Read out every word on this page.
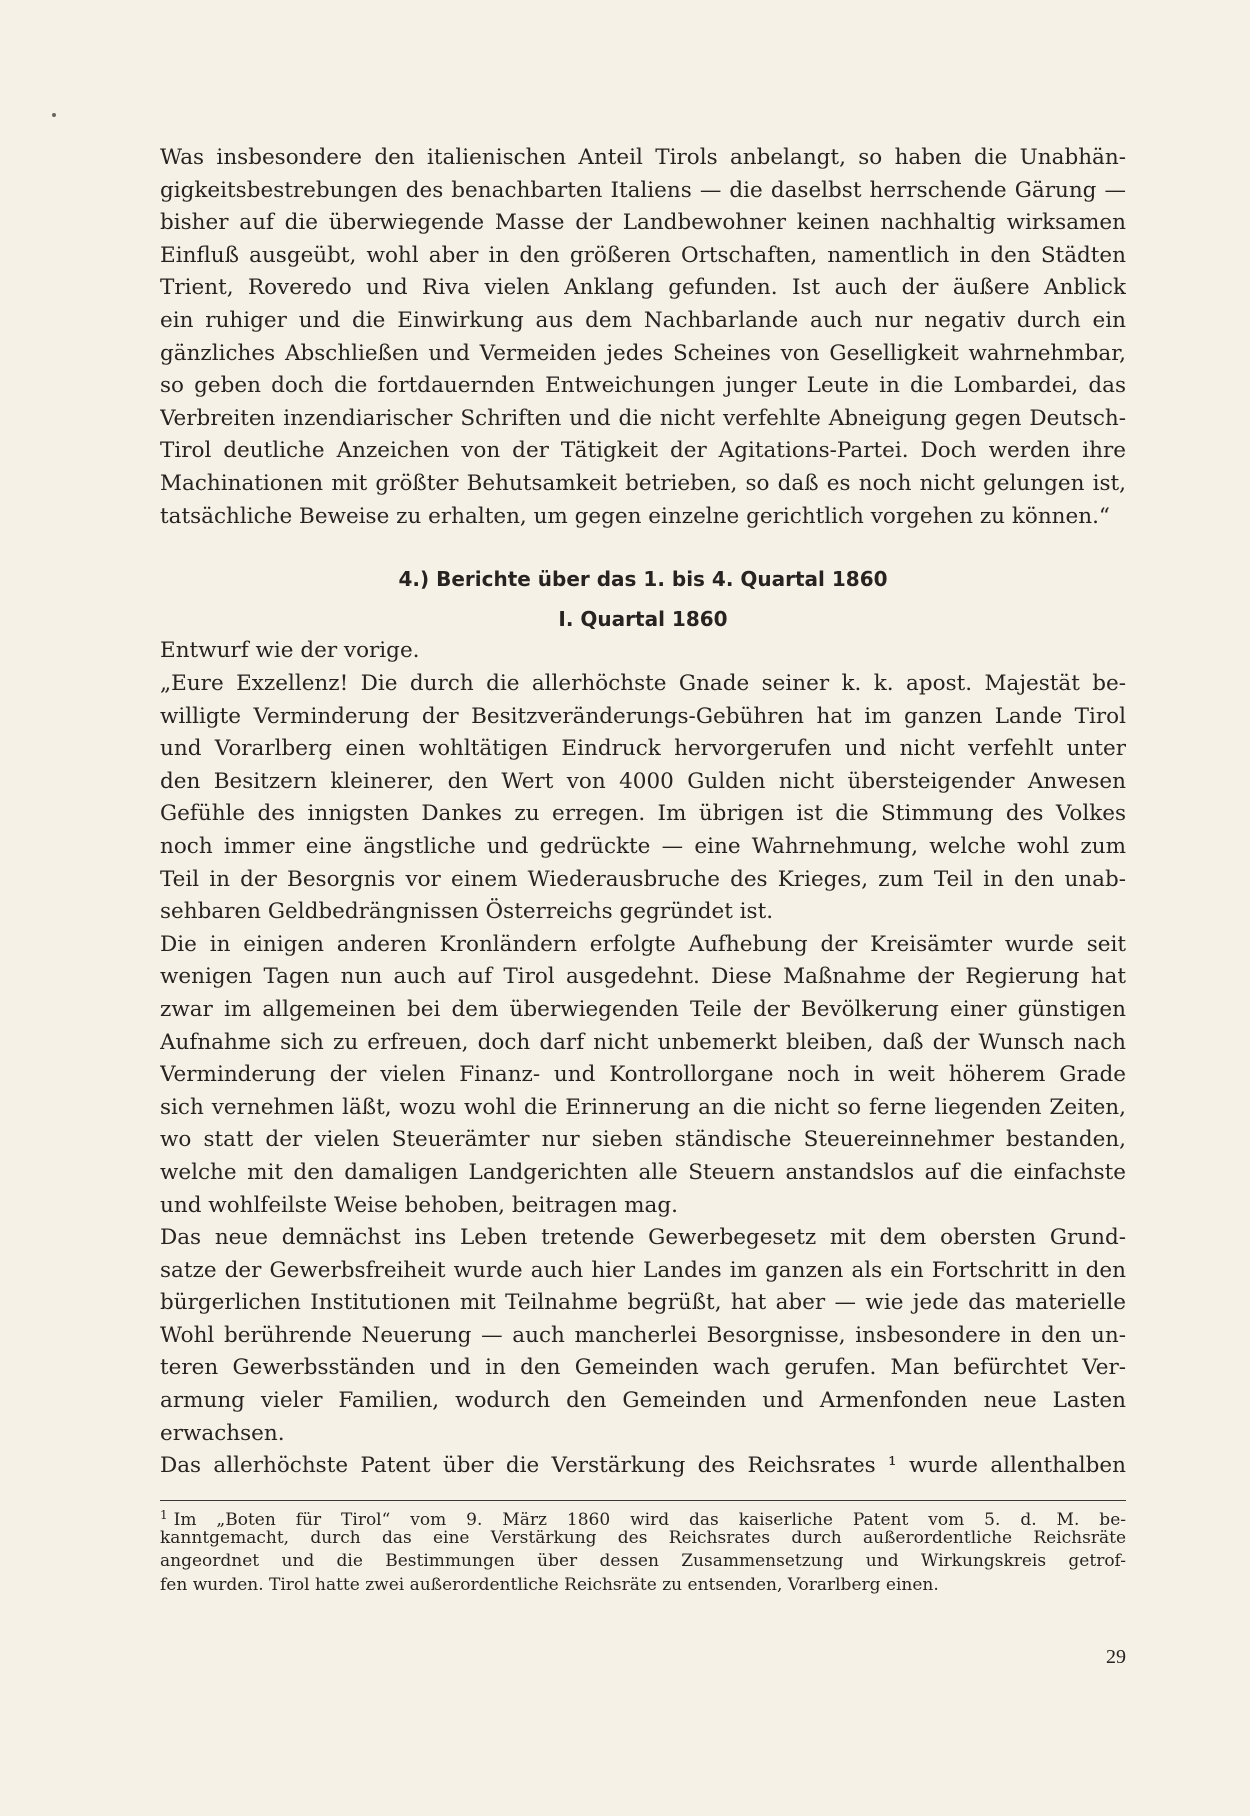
Was insbesondere den italienischen Anteil Tirols anbelangt, so haben die Unabhän-
gigkeitsbestrebungen des benachbarten Italiens — die daselbst herrschende Gärung —
bisher auf die überwiegende Masse der Landbewohner keinen nachhaltig wirksamen
Einfluß ausgeübt, wohl aber in den größeren Ortschaften, namentlich in den Städten
Trient, Roveredo und Riva vielen Anklang gefunden. Ist auch der äußere Anblick
ein ruhiger und die Einwirkung aus dem Nachbarlande auch nur negativ durch ein
gänzliches Abschließen und Vermeiden jedes Scheines von Geselligkeit wahrnehmbar,
so geben doch die fortdauernden Entweichungen junger Leute in die Lombardei, das
Verbreiten inzendiarischer Schriften und die nicht verfehlte Abneigung gegen Deutsch-
Tirol deutliche Anzeichen von der Tätigkeit der Agitations-Partei. Doch werden ihre
Machinationen mit größter Behutsamkeit betrieben, so daß es noch nicht gelungen ist,
tatsächliche Beweise zu erhalten, um gegen einzelne gerichtlich vorgehen zu können.“
4.) Berichte über das 1. bis 4. Quartal 1860
I. Quartal 1860
Entwurf wie der vorige.
„Eure Exzellenz! Die durch die allerhöchste Gnade seiner k. k. apost. Majestät be-
willigte Verminderung der Besitzveränderungs-Gebühren hat im ganzen Lande Tirol
und Vorarlberg einen wohltätigen Eindruck hervorgerufen und nicht verfehlt unter
den Besitzern kleinerer, den Wert von 4000 Gulden nicht übersteigender Anwesen
Gefühle des innigsten Dankes zu erregen. Im übrigen ist die Stimmung des Volkes
noch immer eine ängstliche und gedrückte — eine Wahrnehmung, welche wohl zum
Teil in der Besorgnis vor einem Wiederausbruche des Krieges, zum Teil in den unab-
sehbaren Geldbedrängnissen Österreichs gegründet ist.
Die in einigen anderen Kronländern erfolgte Aufhebung der Kreisämter wurde seit
wenigen Tagen nun auch auf Tirol ausgedehnt. Diese Maßnahme der Regierung hat
zwar im allgemeinen bei dem überwiegenden Teile der Bevölkerung einer günstigen
Aufnahme sich zu erfreuen, doch darf nicht unbemerkt bleiben, daß der Wunsch nach
Verminderung der vielen Finanz- und Kontrollorgane noch in weit höherem Grade
sich vernehmen läßt, wozu wohl die Erinnerung an die nicht so ferne liegenden Zeiten,
wo statt der vielen Steuerämter nur sieben ständische Steuereinnehmer bestanden,
welche mit den damaligen Landgerichten alle Steuern anstandslos auf die einfachste
und wohlfeilste Weise behoben, beitragen mag.
Das neue demnächst ins Leben tretende Gewerbegesetz mit dem obersten Grund-
satze der Gewerbsfreiheit wurde auch hier Landes im ganzen als ein Fortschritt in den
bürgerlichen Institutionen mit Teilnahme begrüßt, hat aber — wie jede das materielle
Wohl berührende Neuerung — auch mancherlei Besorgnisse, insbesondere in den un-
teren Gewerbsständen und in den Gemeinden wach gerufen. Man befürchtet Ver-
armung vieler Familien, wodurch den Gemeinden und Armenfonden neue Lasten
erwachsen.
Das allerhöchste Patent über die Verstärkung des Reichsrates ¹ wurde allenthalben
$^1$ Im „Boten für Tirol“ vom 9. März 1860 wird das kaiserliche Patent vom 5. d. M. be-
kanntgemacht, durch das eine Verstärkung des Reichsrates durch außerordentliche Reichsräte
angeordnet und die Bestimmungen über dessen Zusammensetzung und Wirkungskreis getrof-
fen wurden. Tirol hatte zwei außerordentliche Reichsräte zu entsenden, Vorarlberg einen.
29
